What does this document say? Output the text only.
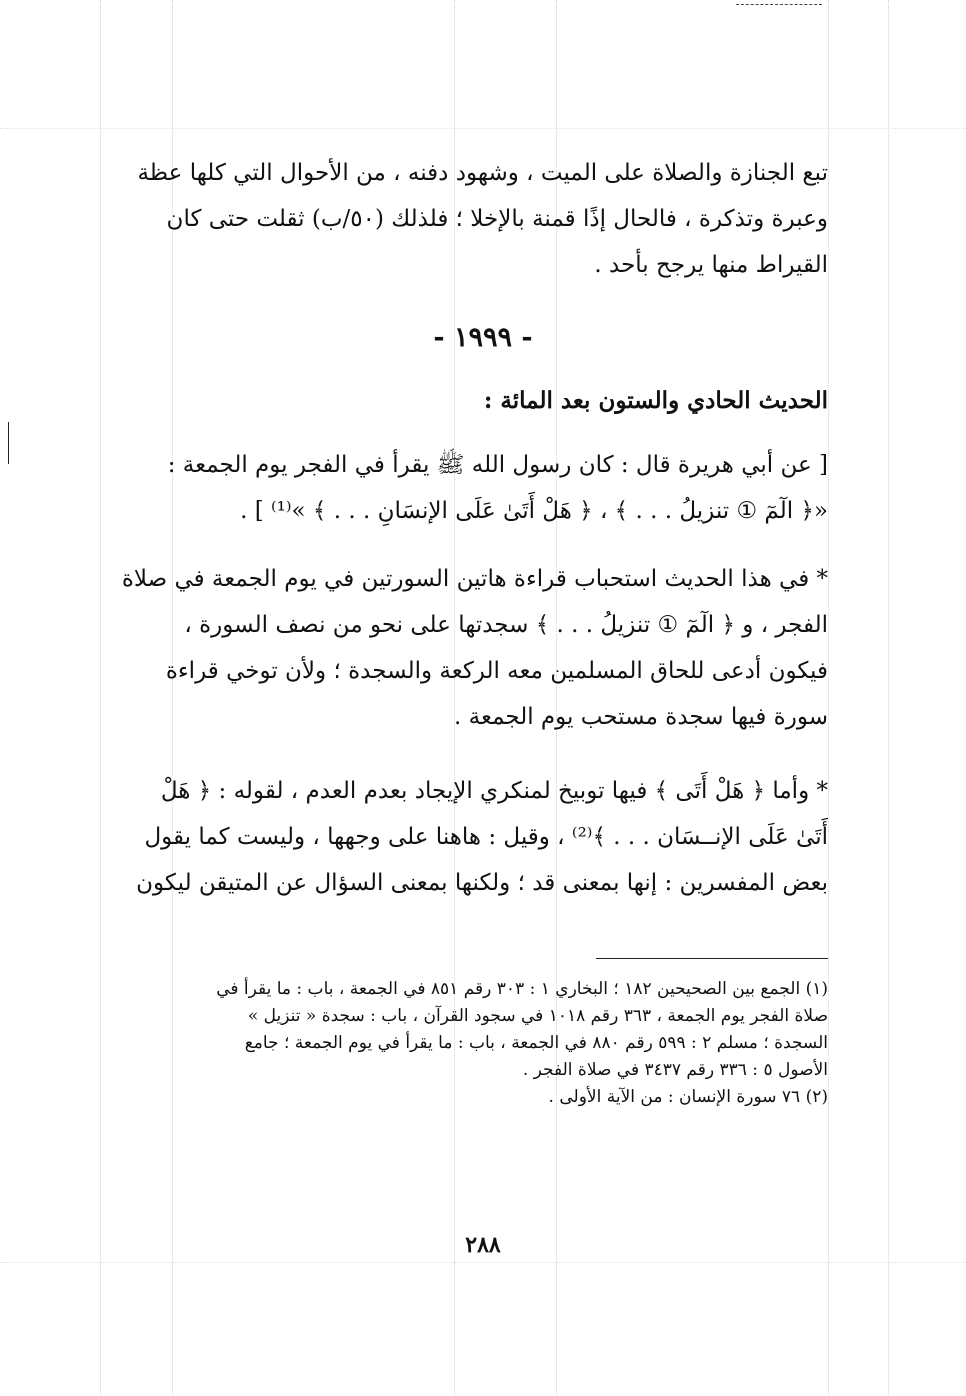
تبع الجنازة والصلاة على الميت ، وشهود دفنه ، من الأحوال التي كلها عظة
وعبرة وتذكرة ، فالحال إذًا قمنة بالإخلا ؛ فلذلك (٥٠/ب) ثقلت حتى كان
القيراط منها يرجح بأحد .
- ١٩٩٩ -
الحديث الحادي والستون بعد المائة :
[ عن أبي هريرة قال : كان رسول الله ﷺ يقرأ في الفجر يوم الجمعة :
«﴿ الٓمٓ ① تنزيلُ . . . ﴾ ، ﴿ هَلْ أَتَىٰ عَلَى الإنسَانِ . . . ﴾ »⁽¹⁾ ] .
* في هذا الحديث استحباب قراءة هاتين السورتين في يوم الجمعة في صلاة
الفجر ، و ﴿ الٓمٓ ① تنزيلُ . . . ﴾ سجدتها على نحو من نصف السورة ،
فيكون أدعى للحاق المسلمين معه الركعة والسجدة ؛ ولأن توخي قراءة
سورة فيها سجدة مستحب يوم الجمعة .
* وأما ﴿ هَلْ أَتَى ﴾ فيها توبيخ لمنكري الإيجاد بعدم العدم ، لقوله : ﴿ هَلْ
أَتَىٰ عَلَى الإنــسَان . . . ﴾⁽²⁾ ، وقيل : هاهنا على وجهها ، وليست كما يقول
بعض المفسرين : إنها بمعنى قد ؛ ولكنها بمعنى السؤال عن المتيقن ليكون
(١) الجمع بين الصحيحين ١٨٢ ؛ البخاري ١ : ٣٠٣ رقم ٨٥١ في الجمعة ، باب : ما يقرأ في
صلاة الفجر يوم الجمعة ، ٣٦٣ رقم ١٠١٨ في سجود القرآن ، باب : سجدة « تنزيل »
السجدة ؛ مسلم ٢ : ٥٩٩ رقم ٨٨٠ في الجمعة ، باب : ما يقرأ في يوم الجمعة ؛ جامع
الأصول ٥ : ٣٣٦ رقم ٣٤٣٧ في صلاة الفجر .
(٢) ٧٦ سورة الإنسان : من الآية الأولى .
٢٨٨
